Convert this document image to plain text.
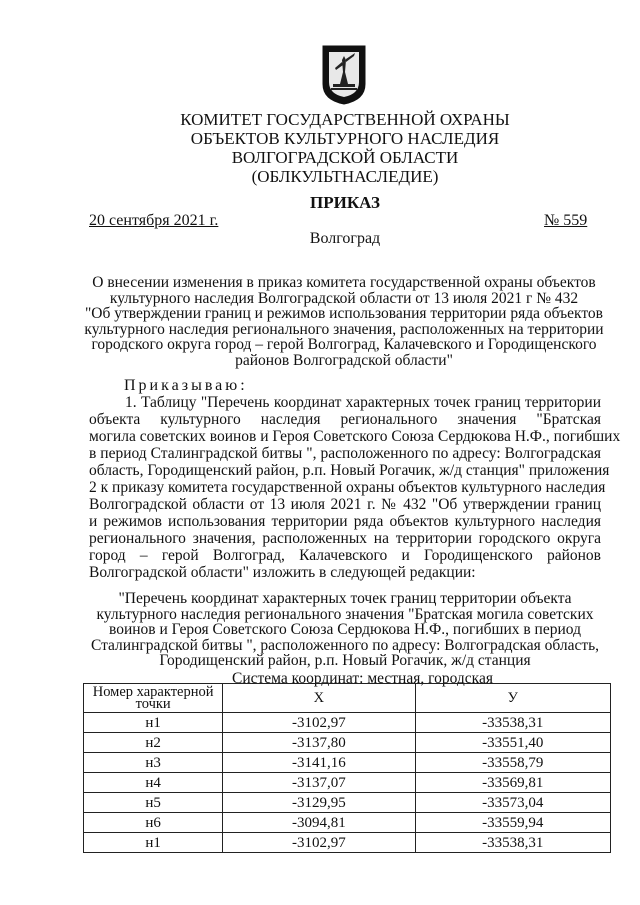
КОМИТЕТ ГОСУДАРСТВЕННОЙ ОХРАНЫ
ОБЪЕКТОВ КУЛЬТУРНОГО НАСЛЕДИЯ
ВОЛГОГРАДСКОЙ ОБЛАСТИ
(ОБЛКУЛЬТНАСЛЕДИЕ)
ПРИКАЗ
20 сентября 2021 г.	№ 559
Волгоград
О внесении изменения в приказ комитета государственной охраны объектов
культурного наследия Волгоградской области от 13 июля 2021 г № 432
"Об утверждении границ и режимов использования территории ряда объектов
культурного наследия регионального значения, расположенных на территории
городского округа город – герой Волгоград, Калачевского и Городищенского
районов Волгоградской области"
Приказываю:
1. Таблицу "Перечень координат характерных точек границ территории
объекта культурного наследия регионального значения "Братская
могила советских воинов и Героя Советского Союза Сердюкова Н.Ф., погибших
в период Сталинградской битвы ", расположенного по адресу: Волгоградская
область, Городищенский район, р.п. Новый Рогачик, ж/д станция" приложения
2 к приказу комитета государственной охраны объектов культурного наследия
Волгоградской области от 13 июля 2021 г. № 432 "Об утверждении границ
и режимов использования территории ряда объектов культурного наследия
регионального значения, расположенных на территории городского округа
город – герой Волгоград, Калачевского и Городищенского районов
Волгоградской области" изложить в следующей редакции:
"Перечень координат характерных точек границ территории объекта
культурного наследия регионального значения "Братская могила советских
воинов и Героя Советского Союза Сердюкова Н.Ф., погибших в период
Сталинградской битвы ", расположенного по адресу: Волгоградская область,
Городищенский район, р.п. Новый Рогачик, ж/д станция
Система координат: местная, городская
Номер характерной точки	X	У
н1	-3102,97	-33538,31
н2	-3137,80	-33551,40
н3	-3141,16	-33558,79
н4	-3137,07	-33569,81
н5	-3129,95	-33573,04
н6	-3094,81	-33559,94
н1	-3102,97	-33538,31
